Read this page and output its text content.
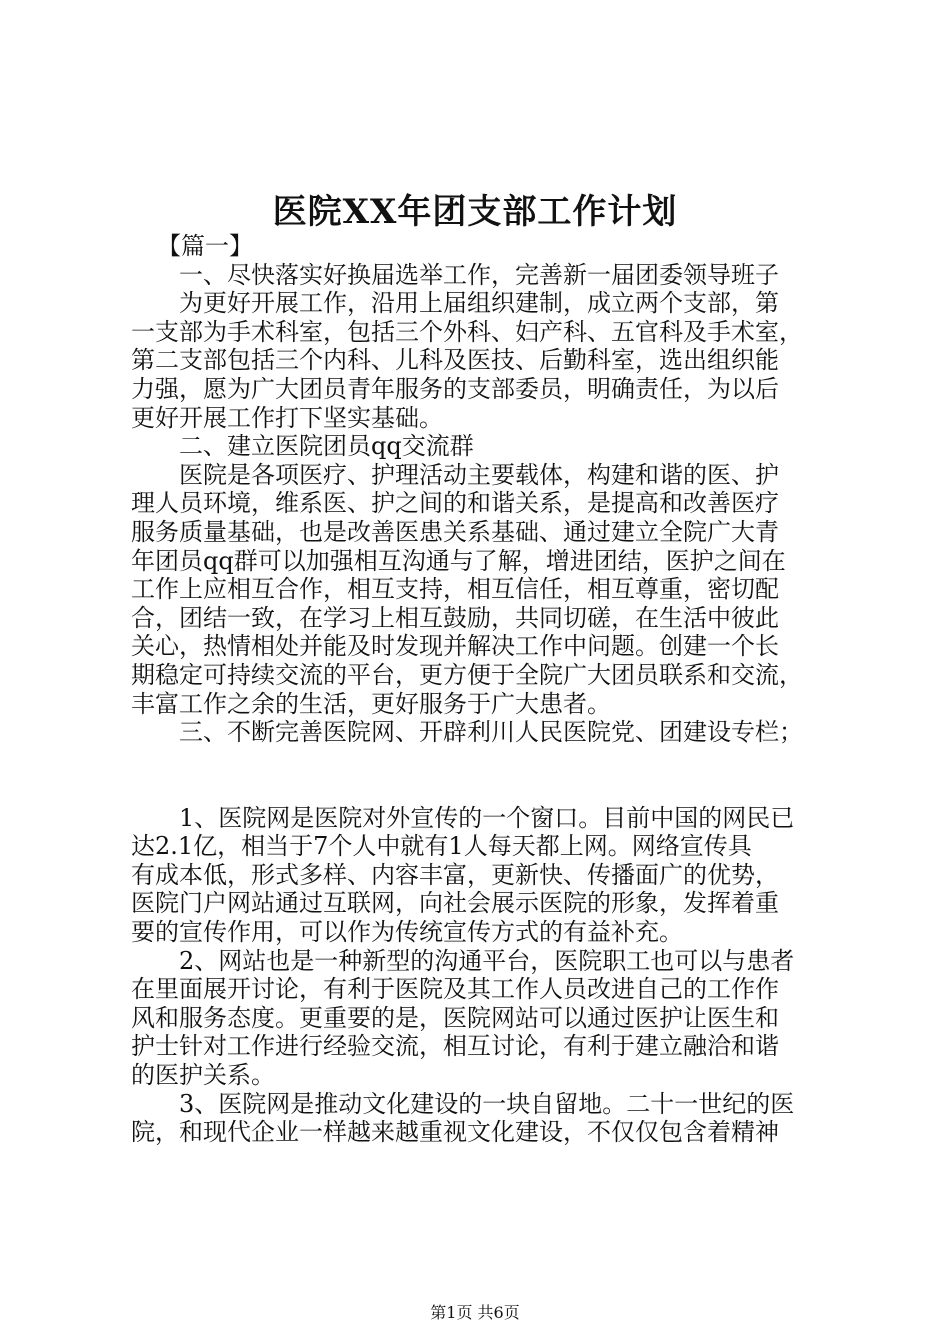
医院XX年团支部工作计划
【篇一】
一、尽快落实好换届选举工作，完善新一届团委领导班子
为更好开展工作，沿用上届组织建制，成立两个支部，第
一支部为手术科室，包括三个外科、妇产科、五官科及手术室，
第二支部包括三个内科、儿科及医技、后勤科室，选出组织能
力强，愿为广大团员青年服务的支部委员，明确责任，为以后
更好开展工作打下坚实基础。
二、建立医院团员qq交流群
医院是各项医疗、护理活动主要载体，构建和谐的医、护
理人员环境，维系医、护之间的和谐关系，是提高和改善医疗
服务质量基础，也是改善医患关系基础、通过建立全院广大青
年团员qq群可以加强相互沟通与了解，增进团结，医护之间在
工作上应相互合作，相互支持，相互信任，相互尊重，密切配
合，团结一致，在学习上相互鼓励，共同切磋，在生活中彼此
关心，热情相处并能及时发现并解决工作中问题。创建一个长
期稳定可持续交流的平台，更方便于全院广大团员联系和交流，
丰富工作之余的生活，更好服务于广大患者。
三、不断完善医院网、开辟利川人民医院党、团建设专栏；
1、医院网是医院对外宣传的一个窗口。目前中国的网民已
达2.1亿，相当于7个人中就有1人每天都上网。网络宣传具
有成本低，形式多样、内容丰富，更新快、传播面广的优势，
医院门户网站通过互联网，向社会展示医院的形象，发挥着重
要的宣传作用，可以作为传统宣传方式的有益补充。
2、网站也是一种新型的沟通平台，医院职工也可以与患者
在里面展开讨论，有利于医院及其工作人员改进自己的工作作
风和服务态度。更重要的是，医院网站可以通过医护让医生和
护士针对工作进行经验交流，相互讨论，有利于建立融洽和谐
的医护关系。
3、医院网是推动文化建设的一块自留地。二十一世纪的医
院，和现代企业一样越来越重视文化建设，不仅仅包含着精神
第1页 共6页
